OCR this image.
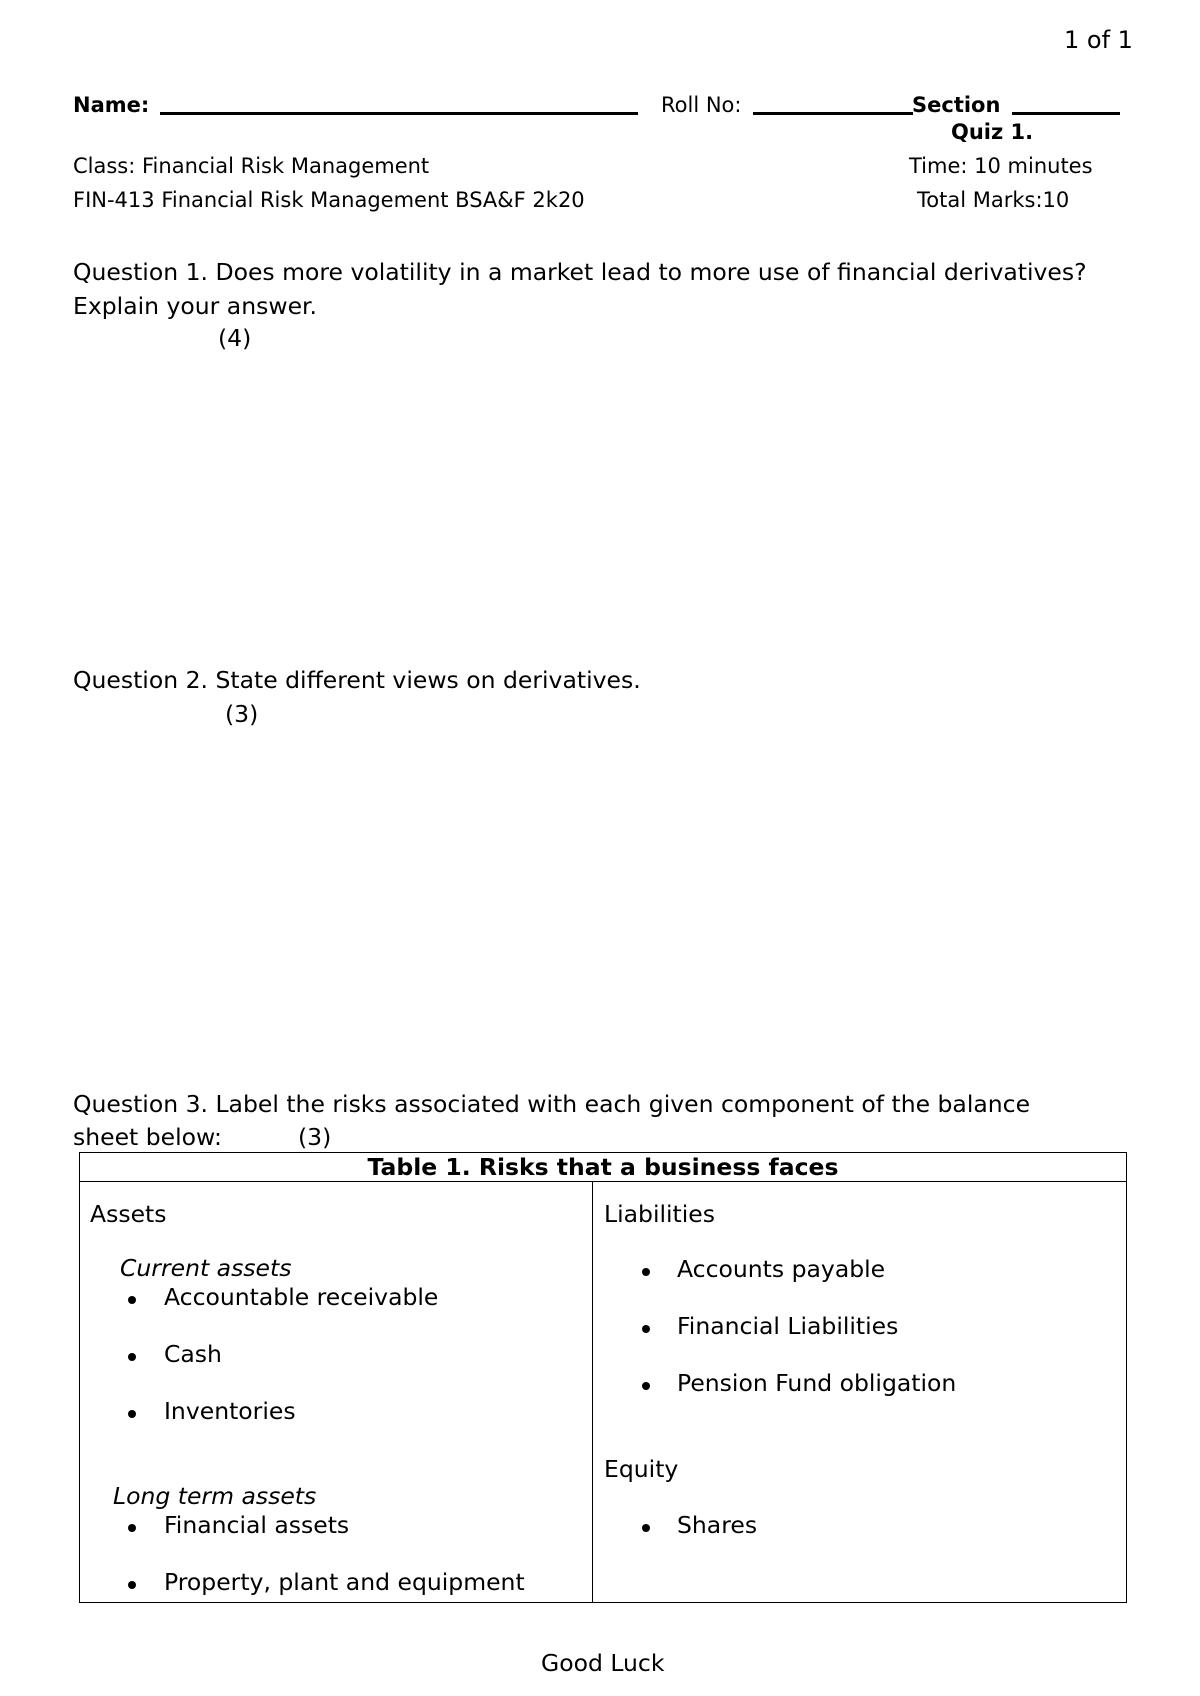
1 of 1
Name:	Roll No:	Section
Quiz 1.
Class: Financial Risk Management	Time: 10 minutes
FIN-413 Financial Risk Management BSA&F 2k20	Total Marks:10
Question 1. Does more volatility in a market lead to more use of financial derivatives?
Explain your answer.
(4)
Question 2. State different views on derivatives.
(3)
Question 3. Label the risks associated with each given component of the balance
sheet below:	(3)
Table 1. Risks that a business faces

Assets
Current assets
Accountable receivable
Cash
Inventories
Long term assets
Financial assets
Property, plant and equipment

Liabilities
Accounts payable
Financial Liabilities
Pension Fund obligation
Equity
Shares
Good Luck
